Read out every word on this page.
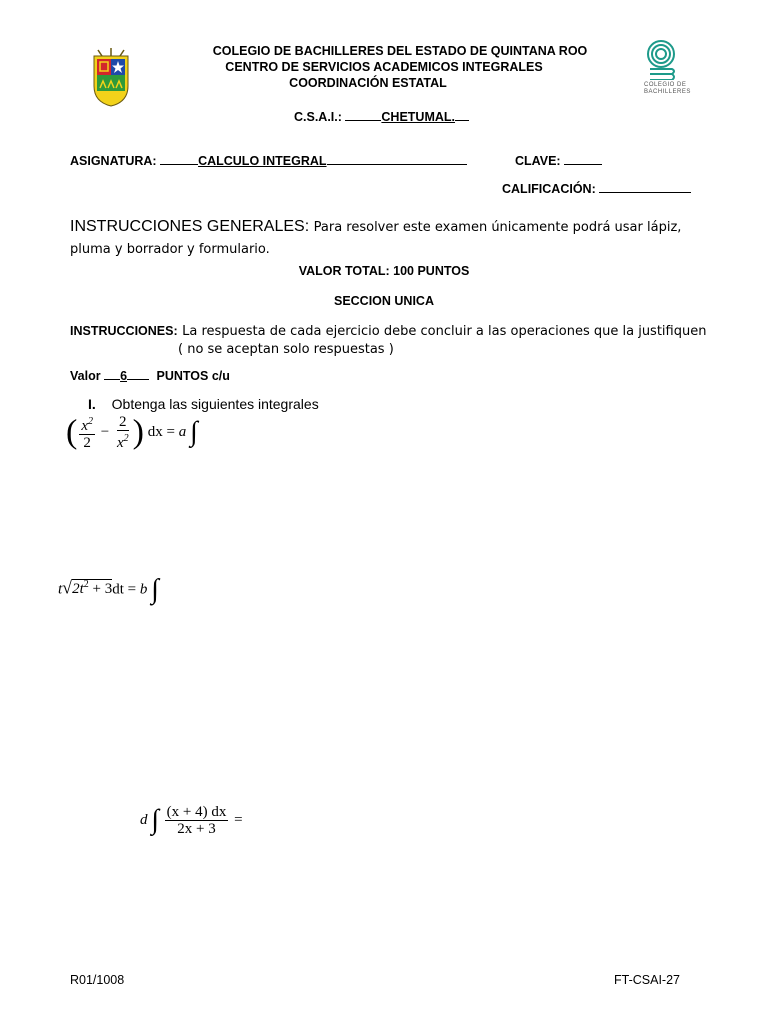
COLEGIO DE
BACHILLERES
COLEGIO DE BACHILLERES DEL ESTADO DE QUINTANA ROO
CENTRO DE SERVICIOS ACADEMICOS INTEGRALES
COORDINACIÓN ESTATAL
C.S.A.I.:	CHETUMAL.
ASIGNATURA:	CALCULO INTEGRAL	CLAVE:
CALIFICACIÓN:
INSTRUCCIONES GENERALES: Para resolver este examen únicamente podrá usar lápiz,
pluma y borrador y formulario.
VALOR TOTAL: 100 PUNTOS
SECCION UNICA
INSTRUCCIONES: La respuesta de cada ejercicio debe concluir a las operaciones que la justifiquen
( no se aceptan solo respuestas )
Valor 6 PUNTOS c/u
I. Obtenga las siguientes integrales
( $\frac{x^2}{2} - \frac{2}{x^2}$ ) dx = a ∫
$t√2t^2 + 3dt = b$ ∫
d ∫ $\frac{(x + 4) dx}{2x + 3}$ =
R01/1008	FT-CSAI-27
